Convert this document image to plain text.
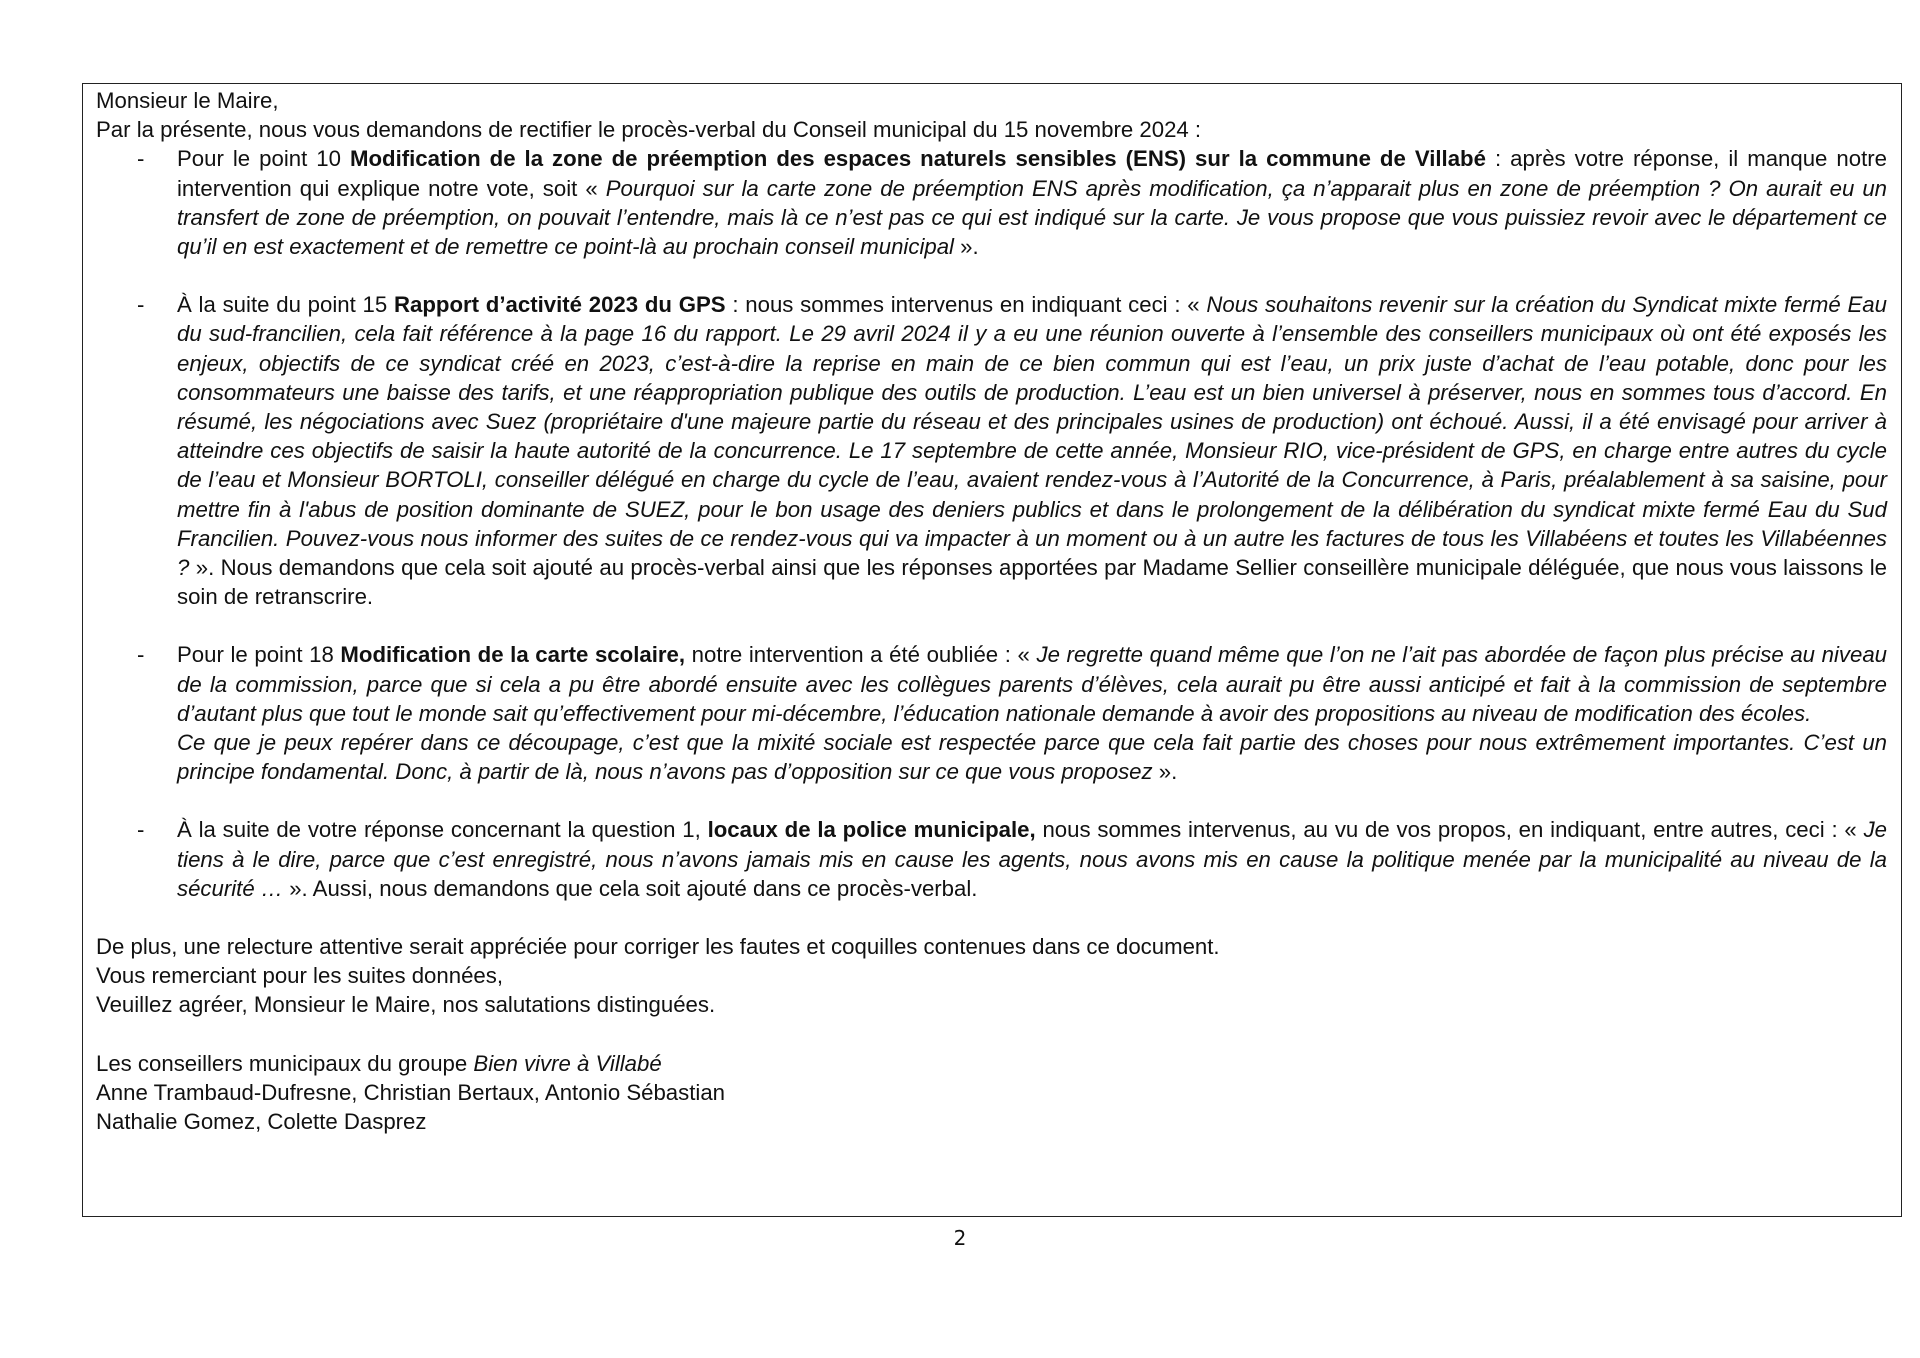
Monsieur le Maire,

Par la présente, nous vous demandons de rectifier le procès-verbal du Conseil municipal du 15 novembre 2024 :

- Pour le point 10 Modification de la zone de préemption des espaces naturels sensibles (ENS) sur la commune de Villabé : après votre réponse, il manque notre intervention qui explique notre vote, soit « Pourquoi sur la carte zone de préemption ENS après modification, ça n’apparait plus en zone de préemption ? On aurait eu un transfert de zone de préemption, on pouvait l’entendre, mais là ce n’est pas ce qui est indiqué sur la carte. Je vous propose que vous puissiez revoir avec le département ce qu’il en est exactement et de remettre ce point-là au prochain conseil municipal ».
- À la suite du point 15 Rapport d’activité 2023 du GPS : nous sommes intervenus en indiquant ceci : « Nous souhaitons revenir sur la création du Syndicat mixte fermé Eau du sud-francilien, cela fait référence à la page 16 du rapport. Le 29 avril 2024 il y a eu une réunion ouverte à l’ensemble des conseillers municipaux où ont été exposés les enjeux, objectifs de ce syndicat créé en 2023, c’est-à-dire la reprise en main de ce bien commun qui est l’eau, un prix juste d’achat de l’eau potable, donc pour les consommateurs une baisse des tarifs, et une réappropriation publique des outils de production. L’eau est un bien universel à préserver, nous en sommes tous d’accord. En résumé, les négociations avec Suez (propriétaire d'une majeure partie du réseau et des principales usines de production) ont échoué. Aussi, il a été envisagé pour arriver à atteindre ces objectifs de saisir la haute autorité de la concurrence. Le 17 septembre de cette année, Monsieur RIO, vice-président de GPS, en charge entre autres du cycle de l’eau et Monsieur BORTOLI, conseiller délégué en charge du cycle de l’eau, avaient rendez-vous à l’Autorité de la Concurrence, à Paris, préalablement à sa saisine, pour mettre fin à l'abus de position dominante de SUEZ, pour le bon usage des deniers publics et dans le prolongement de la délibération du syndicat mixte fermé Eau du Sud Francilien. Pouvez-vous nous informer des suites de ce rendez-vous qui va impacter à un moment ou à un autre les factures de tous les Villabéens et toutes les Villabéennes ? ». Nous demandons que cela soit ajouté au procès-verbal ainsi que les réponses apportées par Madame Sellier conseillère municipale déléguée, que nous vous laissons le soin de retranscrire.
- Pour le point 18 Modification de la carte scolaire, notre intervention a été oubliée : « Je regrette quand même que l’on ne l’ait pas abordée de façon plus précise au niveau de la commission, parce que si cela a pu être abordé ensuite avec les collègues parents d’élèves, cela aurait pu être aussi anticipé et fait à la commission de septembre d’autant plus que tout le monde sait qu’effectivement pour mi-décembre, l’éducation nationale demande à avoir des propositions au niveau de modification des écoles.
Ce que je peux repérer dans ce découpage, c’est que la mixité sociale est respectée parce que cela fait partie des choses pour nous extrêmement importantes. C’est un principe fondamental. Donc, à partir de là, nous n’avons pas d’opposition sur ce que vous proposez ».
- À la suite de votre réponse concernant la question 1, locaux de la police municipale, nous sommes intervenus, au vu de vos propos, en indiquant, entre autres, ceci : « Je tiens à le dire, parce que c’est enregistré, nous n’avons jamais mis en cause les agents, nous avons mis en cause la politique menée par la municipalité au niveau de la sécurité … ». Aussi, nous demandons que cela soit ajouté dans ce procès-verbal.

De plus, une relecture attentive serait appréciée pour corriger les fautes et coquilles contenues dans ce document.

Vous remerciant pour les suites données,

Veuillez agréer, Monsieur le Maire, nos salutations distinguées.

Les conseillers municipaux du groupe Bien vivre à Villabé

Anne Trambaud-Dufresne, Christian Bertaux, Antonio Sébastian

Nathalie Gomez, Colette Dasprez

2
